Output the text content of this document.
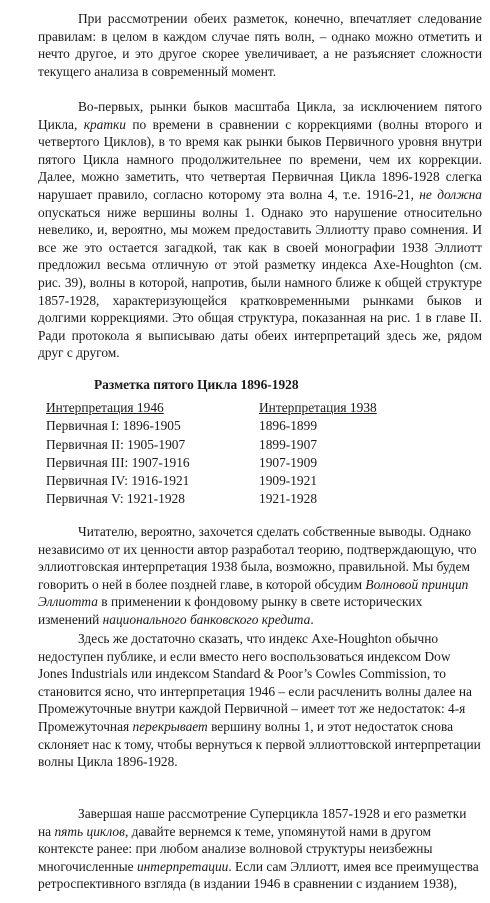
При рассмотрении обеих разметок, конечно, впечатляет следование правилам: в целом в каждом случае пять волн, – однако можно отметить и нечто другое, и это другое скорее увеличивает, а не разъясняет сложности текущего анализа в современный момент.

Во-первых, рынки быков масштаба Цикла, за исключением пятого Цикла, кратки по времени в сравнении с коррекциями (волны второго и четвертого Циклов), в то время как рынки быков Первичного уровня внутри пятого Цикла намного продолжительнее по времени, чем их коррекции. Далее, можно заметить, что четвертая Первичная Цикла 1896-1928 слегка нарушает правило, согласно которому эта волна 4, т.е. 1916-21, не должна опускаться ниже вершины волны 1. Однако это нарушение относительно невелико, и, вероятно, мы можем предоставить Эллиотту право сомнения. И все же это остается загадкой, так как в своей монографии 1938 Эллиотт предложил весьма отличную от этой разметку индекса Axe-Houghton (см. рис. 39), волны в которой, напротив, были намного ближе к общей структуре 1857-1928, характеризующейся кратковременными рынками быков и долгими коррекциями. Это общая структура, показанная на рис. 1 в главе II. Ради протокола я выписываю даты обеих интерпретаций здесь же, рядом друг с другом.

Разметка пятого Цикла 1896-1928

Интерпретация 1946
Первичная I: 1896-1905
Первичная II: 1905-1907
Первичная III: 1907-1916
Первичная IV: 1916-1921
Первичная V: 1921-1928
Интерпретация 1938
1896-1899
1899-1907
1907-1909
1909-1921
1921-1928

Читателю, вероятно, захочется сделать собственные выводы. Однако независимо от их ценности автор разработал теорию, подтверждающую, что эллиотговская интерпретация 1938 была, возможно, правильной. Мы будем говорить о ней в более поздней главе, в которой обсудим Волновой принцип Эллиотта в применении к фондовому рынку в свете исторических изменений национального банковского кредита.

Здесь же достаточно сказать, что индекс Axe-Houghton обычно недоступен публике, и если вместо него воспользоваться индексом Dow Jones Industrials или индексом Standard & Poor’s Cowles Commission, то становится ясно, что интерпретация 1946 – если расчленить волны далее на Промежуточные внутри каждой Первичной – имеет тот же недостаток: 4-я Промежуточная перекрывает вершину волны 1, и этот недостаток снова склоняет нас к тому, чтобы вернуться к первой эллиоттовской интерпретации волны Цикла 1896-1928.

Завершая наше рассмотрение Суперцикла 1857-1928 и его разметки на пять циклов, давайте вернемся к теме, упомянутой нами в другом контексте ранее: при любом анализе волновой структуры неизбежны многочисленные интерпретации. Если сам Эллиотт, имея все преимущества ретроспективного взгляда (в издании 1946 в сравнении с изданием 1938),
